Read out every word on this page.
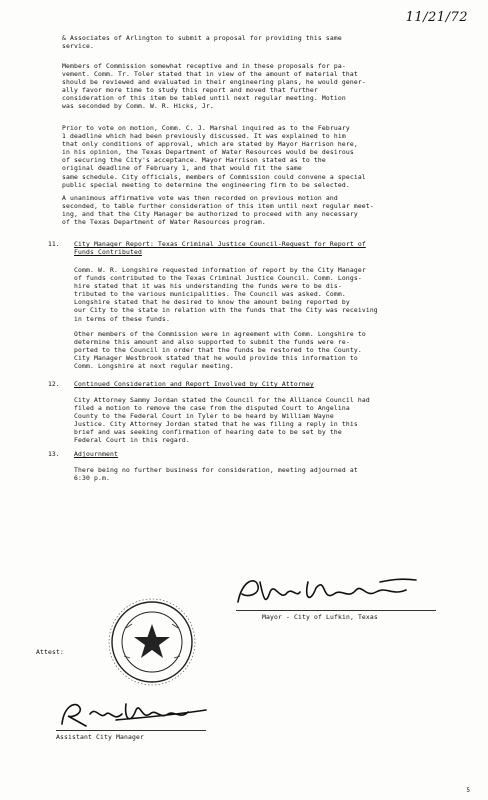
11/21/72
& Associates of Arlington to submit a proposal for providing this same
service.
Members of Commission somewhat receptive and in these proposals for pa-
vement. Comm. Tr. Toler stated that in view of the amount of material that
should be reviewed and evaluated in their engineering plans, he would gener-
ally favor more time to study this report and moved that further
consideration of this item be tabled until next regular meeting. Motion
was seconded by Comm. W. R. Hicks, Jr.
Prior to vote on motion, Comm. C. J. Marshal inquired as to the February
1 deadline which had been previously discussed. It was explained to him
that only conditions of approval, which are stated by Mayor Harrison here,
in his opinion, the Texas Department of Water Resources would be desirous
of securing the City's acceptance. Mayor Harrison stated as to the
original deadline of February 1, and that would fit the same
same schedule. City officials, members of Commission could convene a special
public special meeting to determine the engineering firm to be selected.
A unanimous affirmative vote was then recorded on previous motion and
seconded, to table further consideration of this item until next regular meet-
ing, and that the City Manager be authorized to proceed with any necessary
of the Texas Department of Water Resources program.
11. City Manager Report: Texas Criminal Justice Council-Request for Report of
Funds Contributed
Comm. W. R. Longshire requested information of report by the City Manager
of funds contributed to the Texas Criminal Justice Council. Comm. Longs-
hire stated that it was his understanding the funds were to be dis-
tributed to the various municipalities. The Council was asked. Comm.
Longshire stated that he desired to know the amount being reported by
our City to the state in relation with the funds that the City was receiving
in terms of these funds.
Other members of the Commission were in agreement with Comm. Longshire to
determine this amount and also supported to submit the funds were re-
ported to the Council in order that the funds be restored to the County.
City Manager Westbrook stated that he would provide this information to
Comm. Longshire at next regular meeting.
12. Continued Consideration and Report Involved by City Attorney
City Attorney Sammy Jordan stated the Council for the Alliance Council had
filed a motion to remove the case from the disputed Court to Angelina
County to the Federal Court in Tyler to be heard by William Wayne
Justice. City Attorney Jordan stated that he was filing a reply in this
brief and was seeking confirmation of hearing date to be set by the
Federal Court in this regard.
13. Adjournment
There being no further business for consideration, meeting adjourned at
6:30 p.m.
Mayor - City of Lufkin, Texas
Attest:
Assistant City Manager
5
